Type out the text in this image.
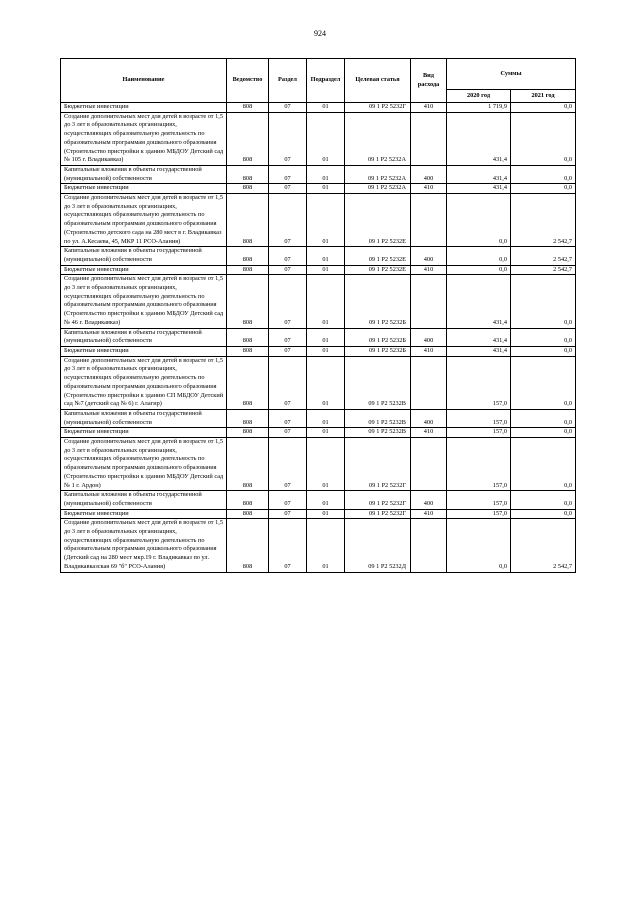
924
Наименование	Ведомство	Раздел	Подраздел	Целевая статья	Вид расхода	Суммы	
						2020 год	2021 год
Бюджетные инвестиции	808	07	01	09 1 P2 5232Г	410	1 719,9	0,0
Создание дополнительных мест для детей в возрасте от 1,5 до 3 лет в образовательных организациях, осуществляющих образовательную деятельность по образовательным программам дошкольного образования (Строительство пристройки к зданию МБДОУ Детский сад № 105 г. Владикавказ)	808	07	01	09 1 P2 5232A		431,4	0,0
Капитальные вложения в объекты государственной (муниципальной) собственности	808	07	01	09 1 P2 5232A	400	431,4	0,0
Бюджетные инвестиции	808	07	01	09 1 P2 5232A	410	431,4	0,0
Создание дополнительных мест для детей в возрасте от 1,5 до 3 лет в образовательных организациях, осуществляющих образовательную деятельность по образовательным программам дошкольного образования (Строительство детского сада на 280 мест в г. Владикавказ по ул. А.Кесаева, 45, МКР 11 РСО-Алания)	808	07	01	09 1 P2 5232E		0,0	2 542,7
Капитальные вложения в объекты государственной (муниципальной) собственности	808	07	01	09 1 P2 5232E	400	0,0	2 542,7
Бюджетные инвестиции	808	07	01	09 1 P2 5232E	410	0,0	2 542,7
Создание дополнительных мест для детей в возрасте от 1,5 до 3 лет в образовательных организациях, осуществляющих образовательную деятельность по образовательным программам дошкольного образования (Строительство пристройки к зданию МБДОУ Детский сад № 46 г. Владикавказ)	808	07	01	09 1 P2 5232Б		431,4	0,0
Капитальные вложения в объекты государственной (муниципальной) собственности	808	07	01	09 1 P2 5232Б	400	431,4	0,0
Бюджетные инвестиции	808	07	01	09 1 P2 5232Б	410	431,4	0,0
Создание дополнительных мест для детей в возрасте от 1,5 до 3 лет в образовательных организациях, осуществляющих образовательную деятельность по образовательным программам дошкольного образования (Строительство пристройки к зданию СП МБДОУ Детский сад №7 (детский сад № 6) г. Алагир)	808	07	01	09 1 P2 5232B		157,0	0,0
Капитальные вложения в объекты государственной (муниципальной) собственности	808	07	01	09 1 P2 5232B	400	157,0	0,0
Бюджетные инвестиции	808	07	01	09 1 P2 5232B	410	157,0	0,0
Создание дополнительных мест для детей в возрасте от 1,5 до 3 лет в образовательных организациях, осуществляющих образовательную деятельность по образовательным программам дошкольного образования (Строительство пристройки к зданию МБДОУ Детский сад № 1 г. Ардон)	808	07	01	09 1 P2 5232Г		157,0	0,0
Капитальные вложения в объекты государственной (муниципальной) собственности	808	07	01	09 1 P2 5232Г	400	157,0	0,0
Бюджетные инвестиции	808	07	01	09 1 P2 5232Г	410	157,0	0,0
Создание дополнительных мест для детей в возрасте от 1,5 до 3 лет в образовательных организациях, осуществляющих образовательную деятельность по образовательным программам дошкольного образования (Детский сад на 280 мест мкр.19 г. Владикавказ по ул. Владикавказская 69 "б" РСО-Алания)	808	07	01	09 1 P2 5232Д		0,0	2 542,7
